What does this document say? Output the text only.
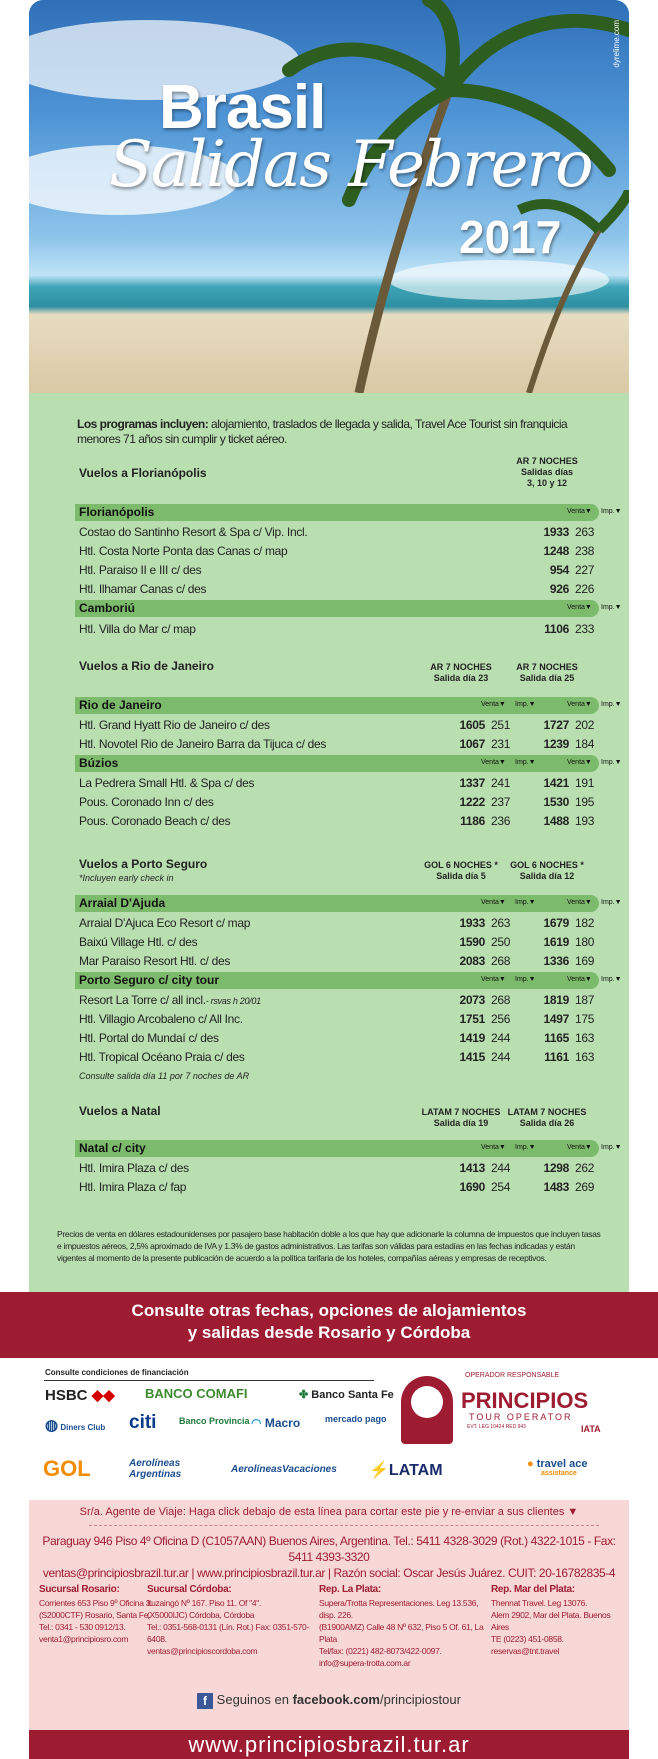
Brasil
Salidas Febrero
2017
dyrelime.com
Los programas incluyen: alojamiento, traslados de llegada y salida, Travel Ace Tourist sin franquicia menores 71 años sin cumplir y ticket aéreo.
Vuelos a Florianópolis
AR 7 NOCHES
Salidas días
3, 10 y 12
Florianópolis	Venta▼ Imp.▼
Costao do Santinho Resort & Spa c/ Vip. Incl.	1933 263
Htl. Costa Norte Ponta das Canas c/ map	1248 238
Htl. Paraiso II e III c/ des	954 227
Htl. Ilhamar Canas c/ des	926 226
Camboriú	Venta▼ Imp.▼
Htl. Villa do Mar c/ map	1106 233
Vuelos a Rio de Janeiro	AR 7 NOCHES
Salida día 23
AR 7 NOCHES
Salida día 25
Rio de Janeiro	Venta▼ Imp.▼	Venta▼ Imp.▼
Htl. Grand Hyatt Rio de Janeiro c/ des	1605 251	1727 202
Htl. Novotel Rio de Janeiro Barra da Tijuca c/ des	1067 231	1239 184
Búzios	Venta▼ Imp.▼	Venta▼ Imp.▼
La Pedrera Small Htl. & Spa c/ des	1337 241	1421 191
Pous. Coronado Inn c/ des	1222 237	1530 195
Pous. Coronado Beach c/ des	1186 236	1488 193
Vuelos a Porto Seguro
*Incluyen early check in
GOL 6 NOCHES *
Salida día 5
GOL 6 NOCHES *
Salida día 12
Arraial D'Ajuda	Venta▼ Imp.▼	Venta▼ Imp.▼
Arraial D'Ajuca Eco Resort c/ map	1933 263	1679 182
Baixú Village Htl. c/ des	1590 250	1619 180
Mar Paraiso Resort Htl. c/ des	2083 268	1336 169
Porto Seguro c/ city tour	Venta▼ Imp.▼	Venta▼ Imp.▼
Resort La Torre c/ all incl.- rsvas h 20/01	2073 268	1819 187
Htl. Villagio Arcobaleno c/ All Inc.	1751 256	1497 175
Htl. Portal do Mundaí c/ des	1419 244	1165 163
Htl. Tropical Océano Praia c/ des	1415 244	1161 163
Consulte salida día 11 por 7 noches de AR
Vuelos a Natal	LATAM 7 NOCHES
Salida día 19
LATAM 7 NOCHES
Salida día 26
Natal c/ city	Venta▼ Imp.▼	Venta▼ Imp.▼
Htl. Imira Plaza c/ des	1413 244	1298 262
Htl. Imira Plaza c/ fap	1690 254	1483 269
Precios de venta en dólares estadounidenses por pasajero base habitación doble a los que hay que adicionarle la columna de impuestos que incluyen tasas e impuestos aéreos, 2,5% aproximado de IVA y 1.3% de gastos administrativos. Las tarifas son válidas para estadías en las fechas indicadas y están vigentes al momento de la presente publicación de acuerdo a la política tarifaria de los hoteles, compañías aéreas y empresas de receptivos.
Consulte condiciones de financiación
HSBC ◆◆ BANCO COMAFI	✤ Banco Santa Fe
◍ Diners Club citi	Banco Provincia ◠ Macro	mercado pago
OPERADOR RESPONSABLE
PRINCIPIOS
TOUR OPERATOR
EVT. LEG 10424 RED 943	IATA
GOL	Aerolíneas Argentinas	AerolíneasVacaciones ⚡LATAM	● travel ace
assistance
Sr/a. Agente de Viaje: Haga click debajo de esta línea para cortar este pie y re-enviar a sus clientes ▼
Paraguay 946 Piso 4º Oficina D (C1057AAN) Buenos Aires, Argentina. Tel.: 5411 4328-3029 (Rot.) 4322-1015 - Fax: 5411 4393-3320
ventas@principiosbrazil.tur.ar | www.principiosbrazil.tur.ar | Razón social: Oscar Jesús Juárez. CUIT: 20-16782835-4
Sucursal Rosario:
Corrientes 653 Piso 9º Oficina 3.
(S2000CTF) Rosario, Santa Fe.
Tel.: 0341 - 530 0912/13.
venta1@principiosro.com
Sucursal Córdoba:
Ituzaingó Nº 167. Piso 11. Of "4".
(X5000IJC) Córdoba, Córdoba
Tel.: 0351-568-0131 (Lín. Rot.) Fax: 0351-570-6408.
ventas@principioscordoba.com
Rep. La Plata:
Supera/Trotta Representaciones. Leg 13.536, disp. 226.
(B1900AMZ) Calle 48 Nº 632, Piso 5 Of. 61, La Plata
Tel/fax: (0221) 482-8073/422-0097.
info@supera-trotta.com.ar
Rep. Mar del Plata:
Thennat Travel. Leg 13076.
Alem 2902, Mar del Plata. Buenos Aires
TE (0223) 451-0858.
reservas@tnt.travel
f Seguinos en facebook.com/principiostour
www.principiosbrazil.tur.ar
Consulte otras fechas, opciones de alojamientos
y salidas desde Rosario y Córdoba
